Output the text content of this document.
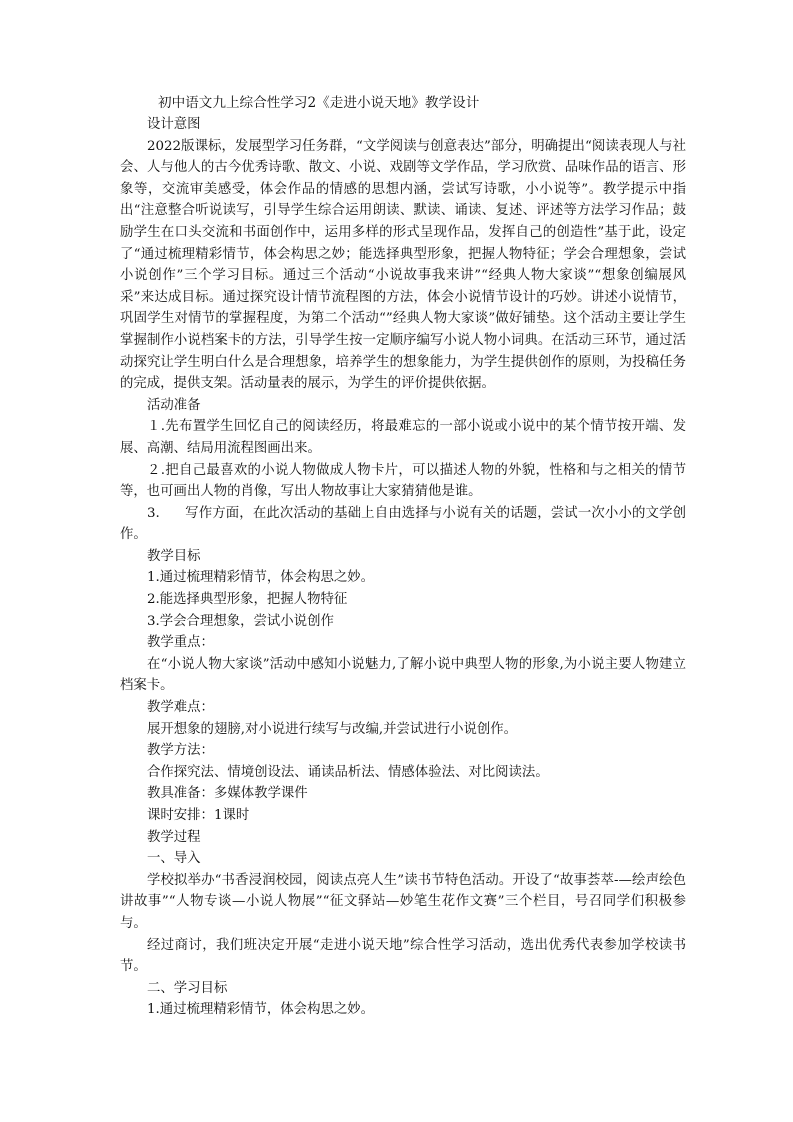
初中语文九上综合性学习2《走进小说天地》教学设计

设计意图

2022版课标，发展型学习任务群，“文学阅读与创意表达”部分，明确提出“阅读表现人与社会、人与他人的古今优秀诗歌、散文、小说、戏剧等文学作品，学习欣赏、品味作品的语言、形象等，交流审美感受，体会作品的情感的思想内涵，尝试写诗歌，小小说等”。教学提示中指出“注意整合听说读写，引导学生综合运用朗读、默读、诵读、复述、评述等方法学习作品；鼓励学生在口头交流和书面创作中，运用多样的形式呈现作品，发挥自己的创造性”基于此，设定了“通过梳理精彩情节，体会构思之妙；能选择典型形象，把握人物特征；学会合理想象，尝试小说创作”三个学习目标。通过三个活动“小说故事我来讲”“经典人物大家谈”“想象创编展风采”来达成目标。通过探究设计情节流程图的方法，体会小说情节设计的巧妙。讲述小说情节，巩固学生对情节的掌握程度，为第二个活动“”经典人物大家谈”做好铺垫。这个活动主要让学生掌握制作小说档案卡的方法，引导学生按一定顺序编写小说人物小词典。在活动三环节，通过活动探究让学生明白什么是合理想象，培养学生的想象能力，为学生提供创作的原则，为投稿任务的完成，提供支架。活动量表的展示，为学生的评价提供依据。

活动准备

１.先布置学生回忆自己的阅读经历，将最难忘的一部小说或小说中的某个情节按开端、发展、高潮、结局用流程图画出来。

２.把自己最喜欢的小说人物做成人物卡片，可以描述人物的外貌，性格和与之相关的情节等，也可画出人物的肖像，写出人物故事让大家猜猜他是谁。

3. 写作方面，在此次活动的基础上自由选择与小说有关的话题，尝试一次小小的文学创作。

教学目标

1.通过梳理精彩情节，体会构思之妙。

2.能选择典型形象，把握人物特征

3.学会合理想象，尝试小说创作

教学重点：

在“小说人物大家谈”活动中感知小说魅力,了解小说中典型人物的形象,为小说主要人物建立档案卡。

教学难点：

展开想象的翅膀,对小说进行续写与改编,并尝试进行小说创作。

教学方法：

合作探究法、情境创设法、诵读品析法、情感体验法、对比阅读法。

教具准备：多媒体教学课件

课时安排：1课时

教学过程

一、导入

学校拟举办“书香浸润校园，阅读点亮人生”读书节特色活动。开设了“故事荟萃-—绘声绘色讲故事”“人物专谈—小说人物展”“征文驿站—妙笔生花作文赛”三个栏目，号召同学们积极参与。

经过商讨，我们班决定开展“走进小说天地”综合性学习活动，选出优秀代表参加学校读书节。

二、学习目标

1.通过梳理精彩情节，体会构思之妙。
